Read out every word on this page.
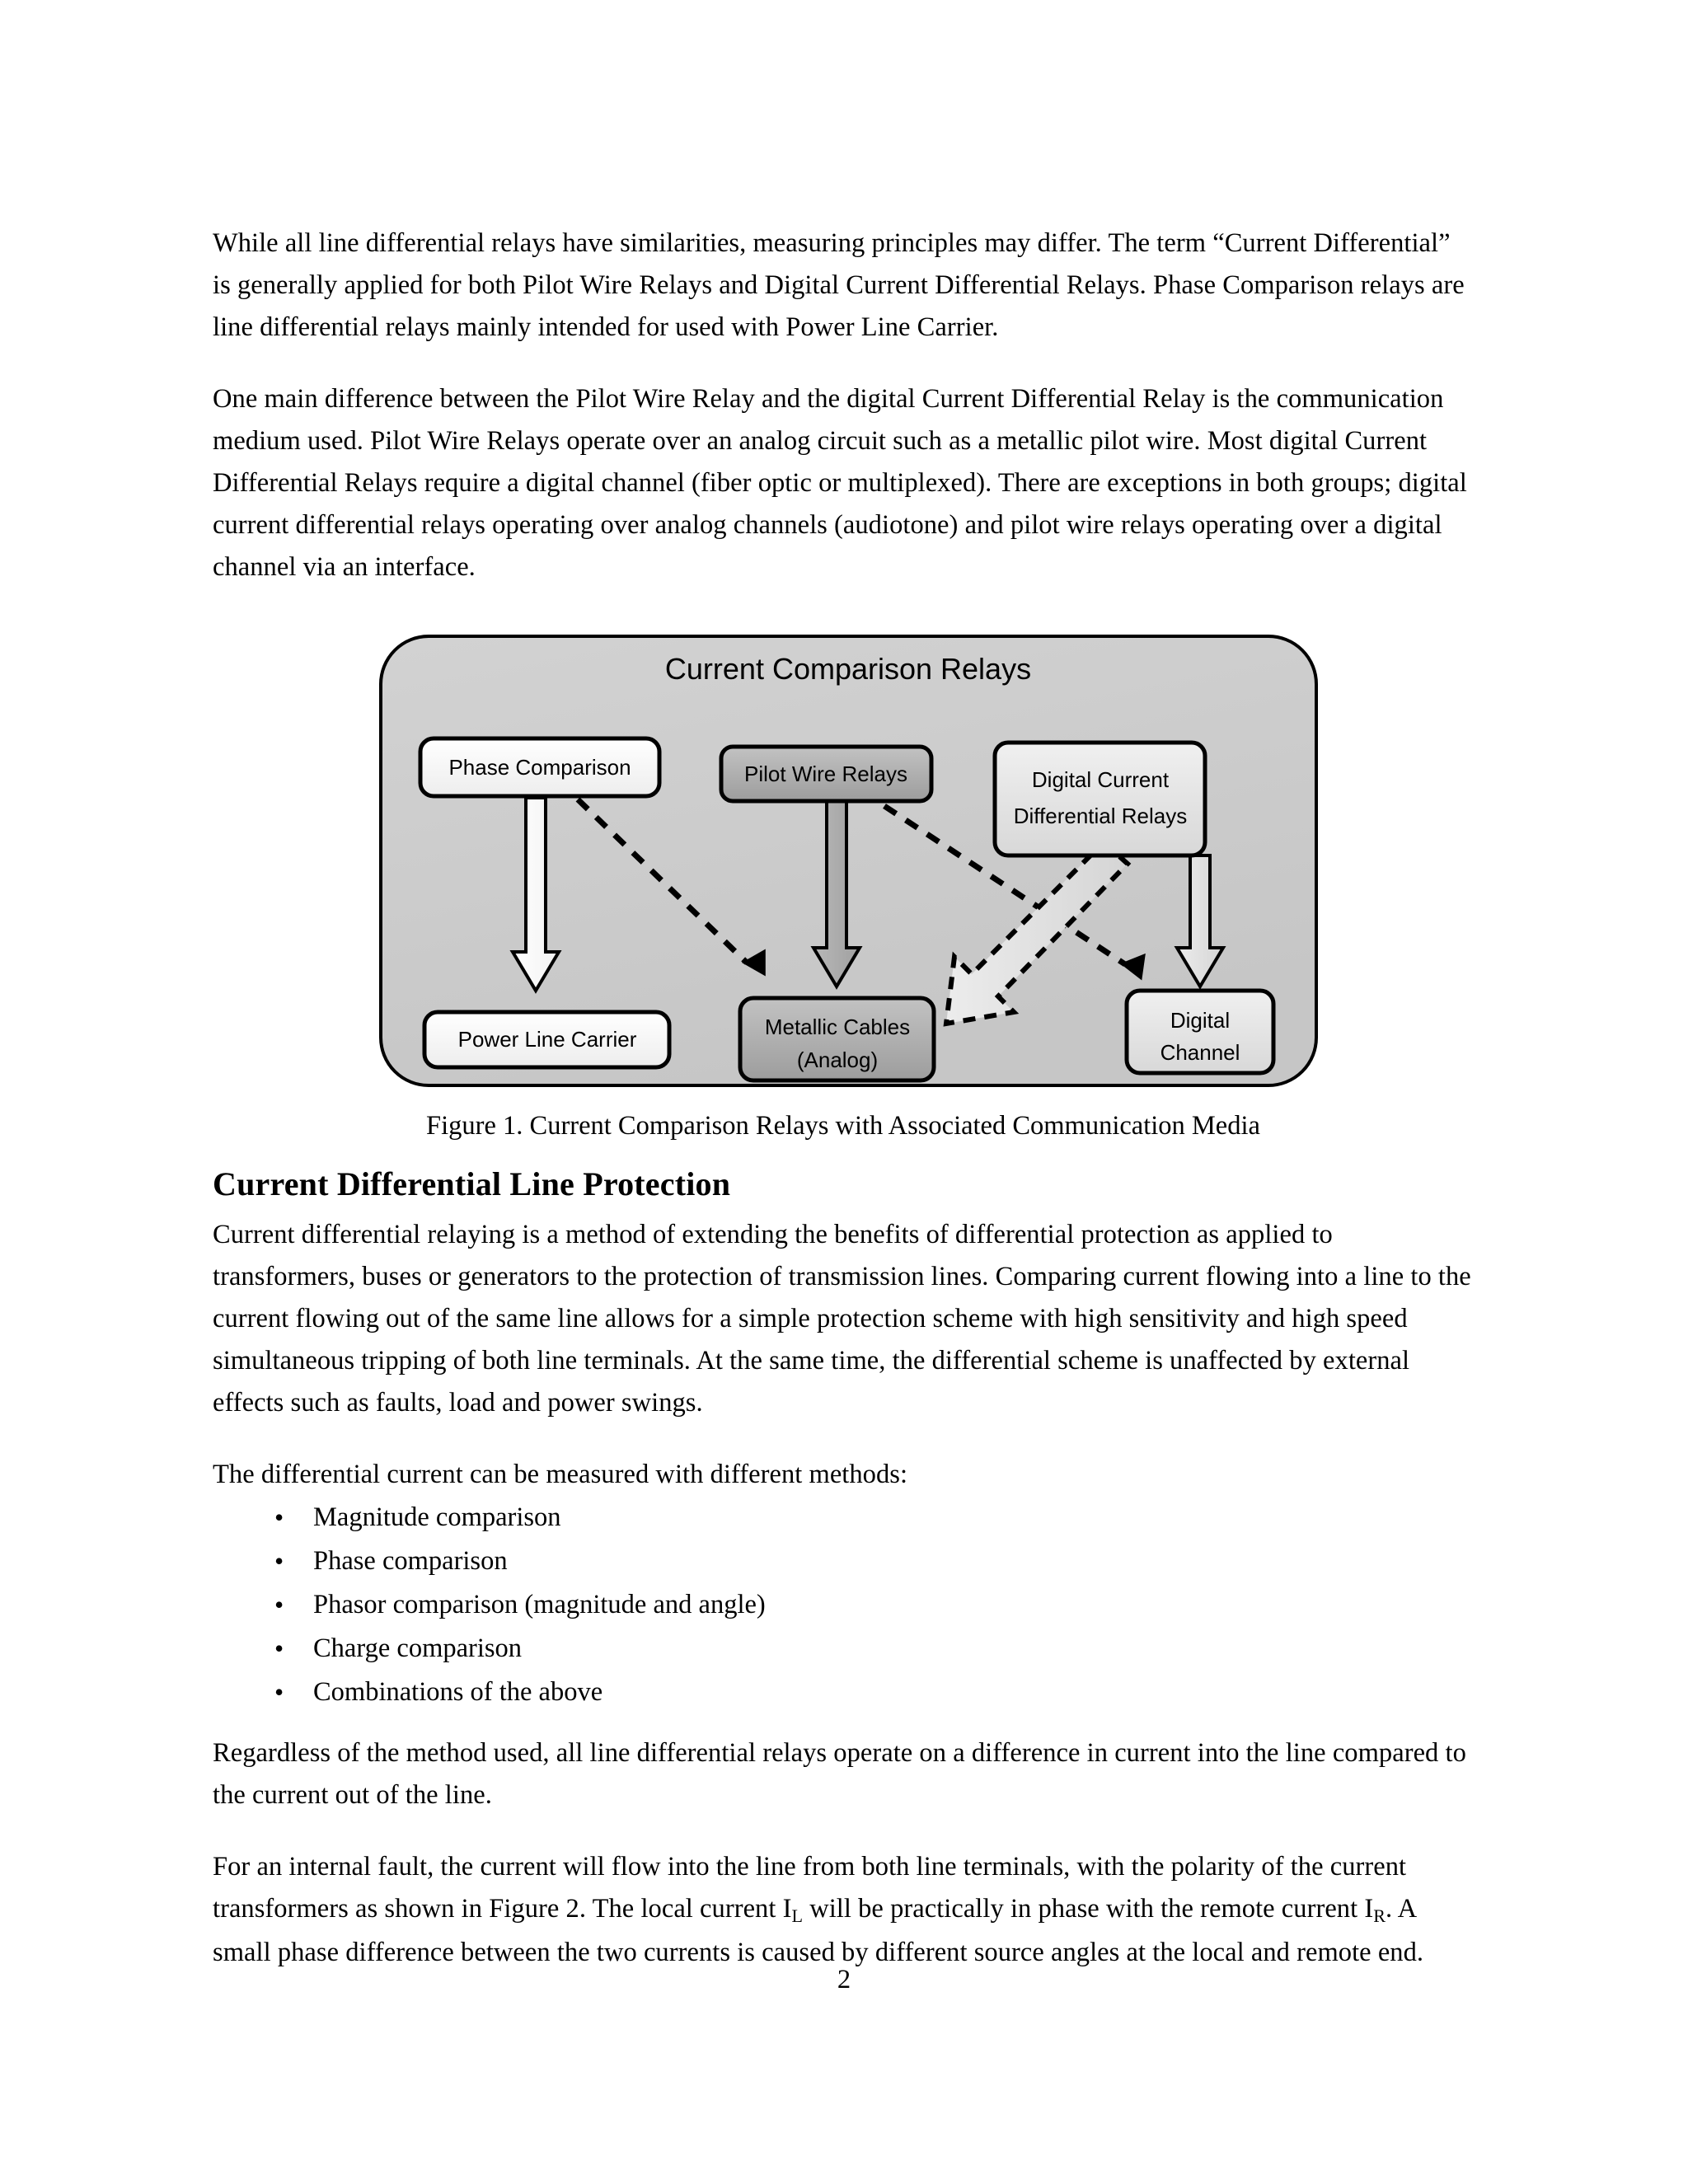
While all line differential relays have similarities, measuring principles may differ. The term “Current Differential” is generally applied for both Pilot Wire Relays and Digital Current Differential Relays. Phase Comparison relays are line differential relays mainly intended for used with Power Line Carrier.

One main difference between the Pilot Wire Relay and the digital Current Differential Relay is the communication medium used. Pilot Wire Relays operate over an analog circuit such as a metallic pilot wire. Most digital Current Differential Relays require a digital channel (fiber optic or multiplexed). There are exceptions in both groups; digital current differential relays operating over analog channels (audiotone) and pilot wire relays operating over a digital channel via an interface.

Current Comparison Relays
Phase Comparison	Pilot Wire Relays	Digital Current
Differential Relays
Power Line Carrier	Metallic Cables
(Analog)
Digital
Channel

Figure 1. Current Comparison Relays with Associated Communication Media

Current Differential Line Protection

Current differential relaying is a method of extending the benefits of differential protection as applied to transformers, buses or generators to the protection of transmission lines. Comparing current flowing into a line to the current flowing out of the same line allows for a simple protection scheme with high sensitivity and high speed simultaneous tripping of both line terminals. At the same time, the differential scheme is unaffected by external effects such as faults, load and power swings.

The differential current can be measured with different methods:

• Magnitude comparison
• Phase comparison
• Phasor comparison (magnitude and angle)
• Charge comparison
• Combinations of the above

Regardless of the method used, all line differential relays operate on a difference in current into the line compared to the current out of the line.

For an internal fault, the current will flow into the line from both line terminals, with the polarity of the current transformers as shown in Figure 2. The local current $I_L$ will be practically in phase with the remote current $I_R$. A small phase difference between the two currents is caused by different source angles at the local and remote end.

2
